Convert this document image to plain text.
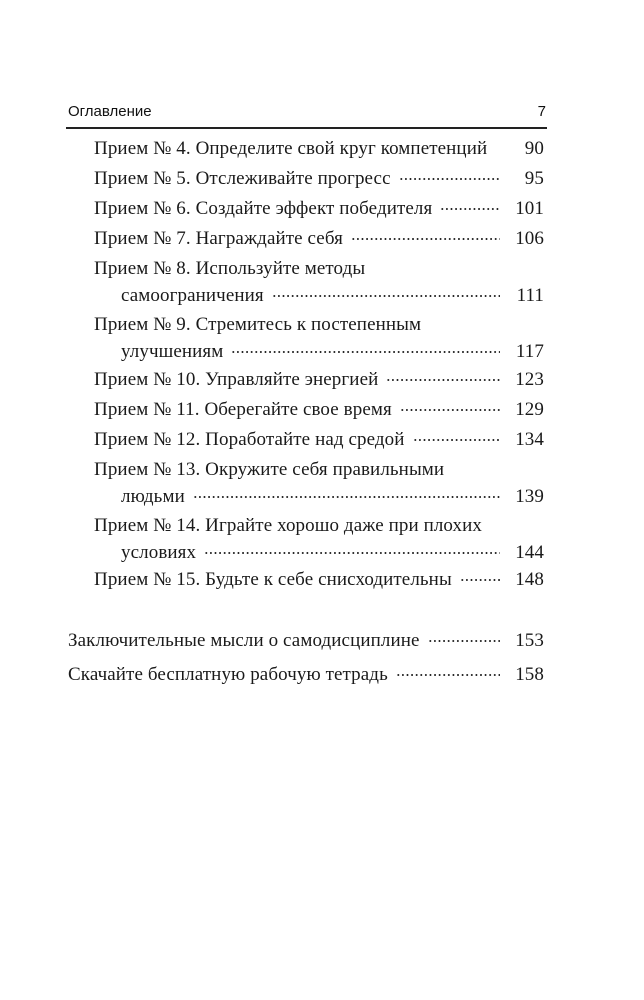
Оглавление	7
Прием № 4. Определите свой круг компетенций	90
Прием № 5. Отслеживайте прогресс	95
Прием № 6. Создайте эффект победителя	101
Прием № 7. Награждайте себя	106
Прием № 8. Используйте методы
самоограничения	111
Прием № 9. Стремитесь к постепенным
улучшениям	117
Прием № 10. Управляйте энергией	123
Прием № 11. Оберегайте свое время	129
Прием № 12. Поработайте над средой	134
Прием № 13. Окружите себя правильными
людьми	139
Прием № 14. Играйте хорошо даже при плохих
условиях	144
Прием № 15. Будьте к себе снисходительны	148
Заключительные мысли о самодисциплине	153
Скачайте бесплатную рабочую тетрадь	158
